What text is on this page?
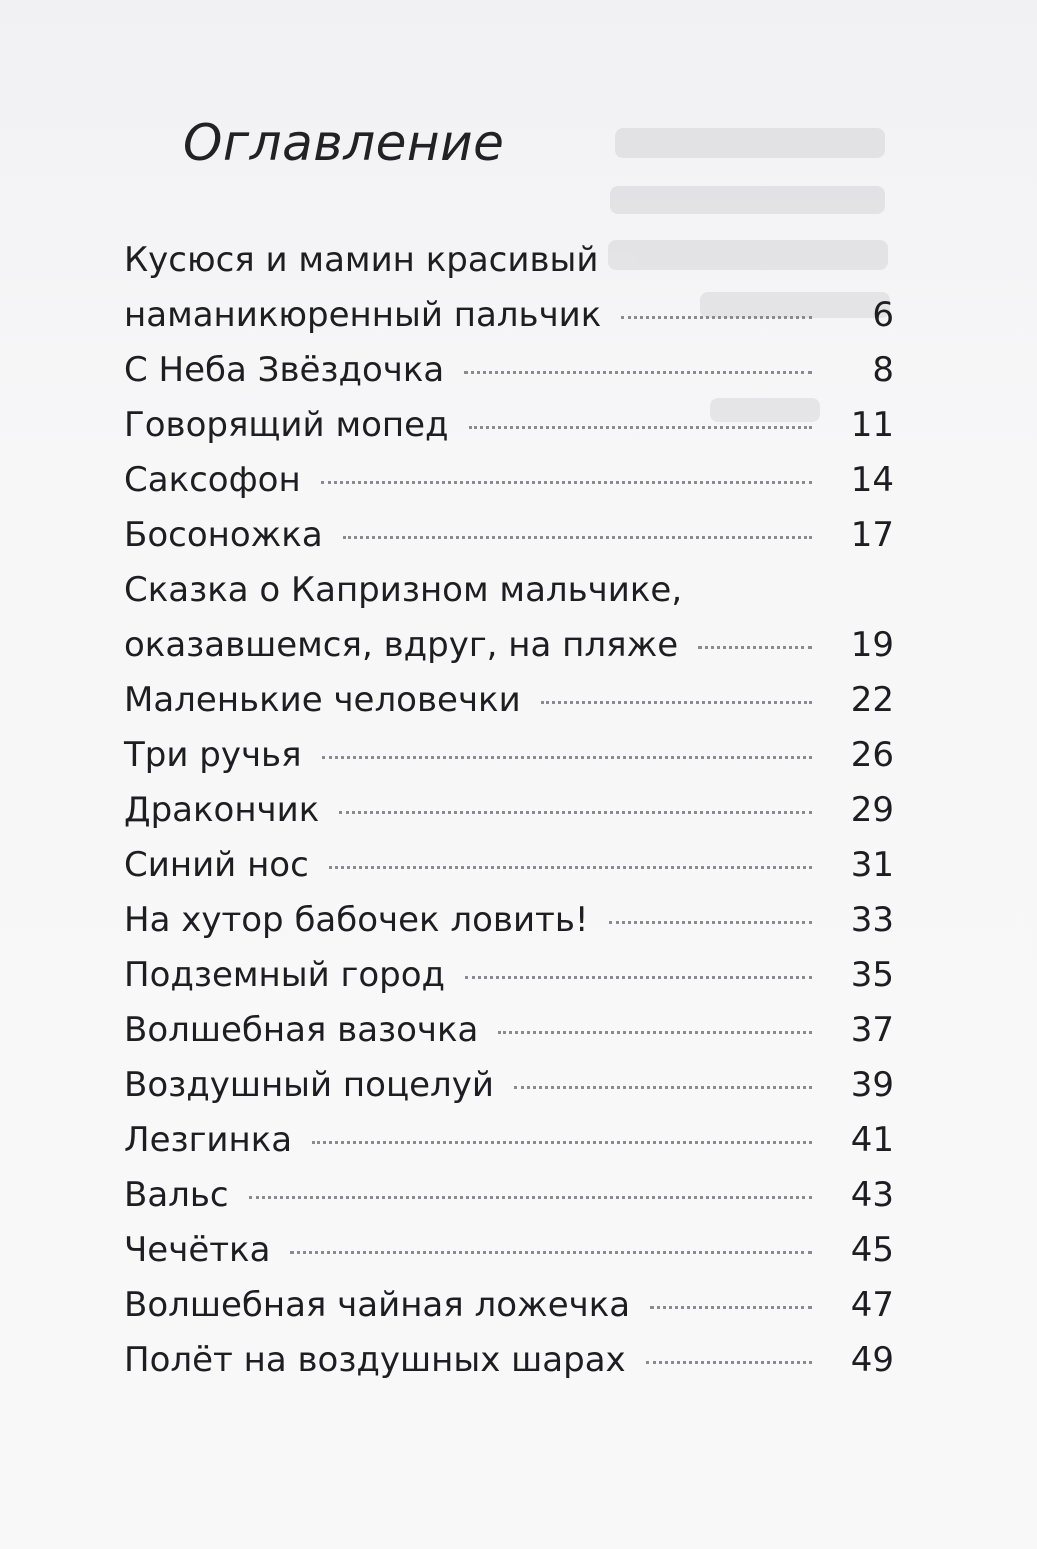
Оглавление
Кусюся и мамин красивый
наманикюренный пальчик	6
С Неба Звёздочка	8
Говорящий мопед	11
Саксофон	14
Босоножка	17
Сказка о Капризном мальчике,
оказавшемся, вдруг, на пляже	19
Маленькие человечки	22
Три ручья	26
Дракончик	29
Синий нос	31
На хутор бабочек ловить!	33
Подземный город	35
Волшебная вазочка	37
Воздушный поцелуй	39
Лезгинка	41
Вальс	43
Чечётка	45
Волшебная чайная ложечка	47
Полёт на воздушных шарах	49
